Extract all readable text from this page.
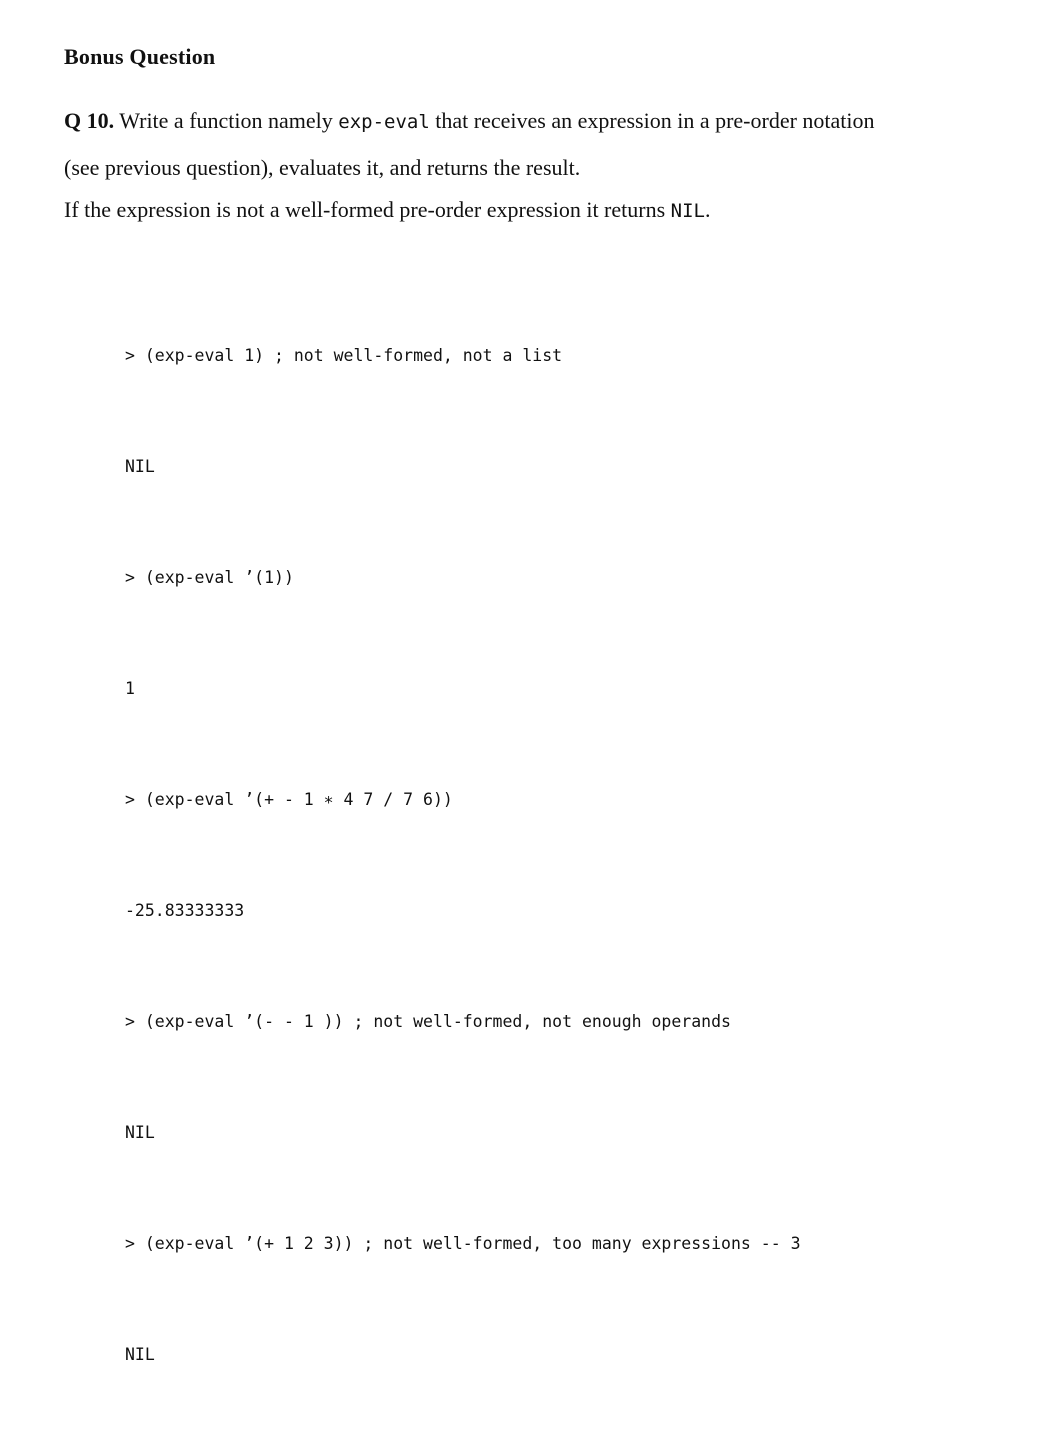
Bonus Question
Q 10. Write a function namely exp-eval that receives an expression in a pre-order notation
(see previous question), evaluates it, and returns the result.
If the expression is not a well-formed pre-order expression it returns NIL.

> (exp-eval 1) ; not well-formed, not a list

NIL

> (exp-eval ’(1))

1

> (exp-eval ’(+ - 1 ∗ 4 7 / 7 6))

-25.83333333

> (exp-eval ’(- - 1 )) ; not well-formed, not enough operands

NIL

> (exp-eval ’(+ 1 2 3)) ; not well-formed, too many expressions -- 3

NIL
